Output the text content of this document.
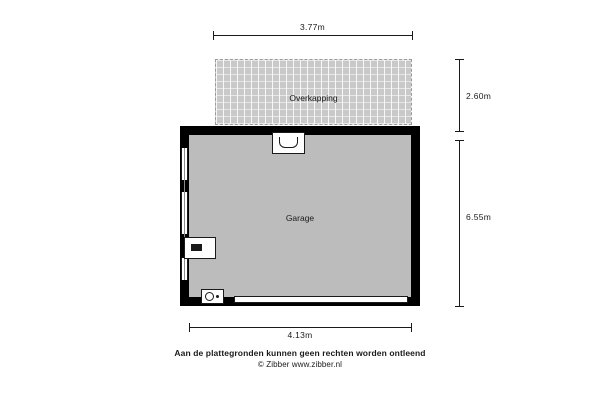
3.77m
Overkapping
Garage
2.60m
6.55m
4.13m
Aan de plattegronden kunnen geen rechten worden ontleend
© Zibber www.zibber.nl
